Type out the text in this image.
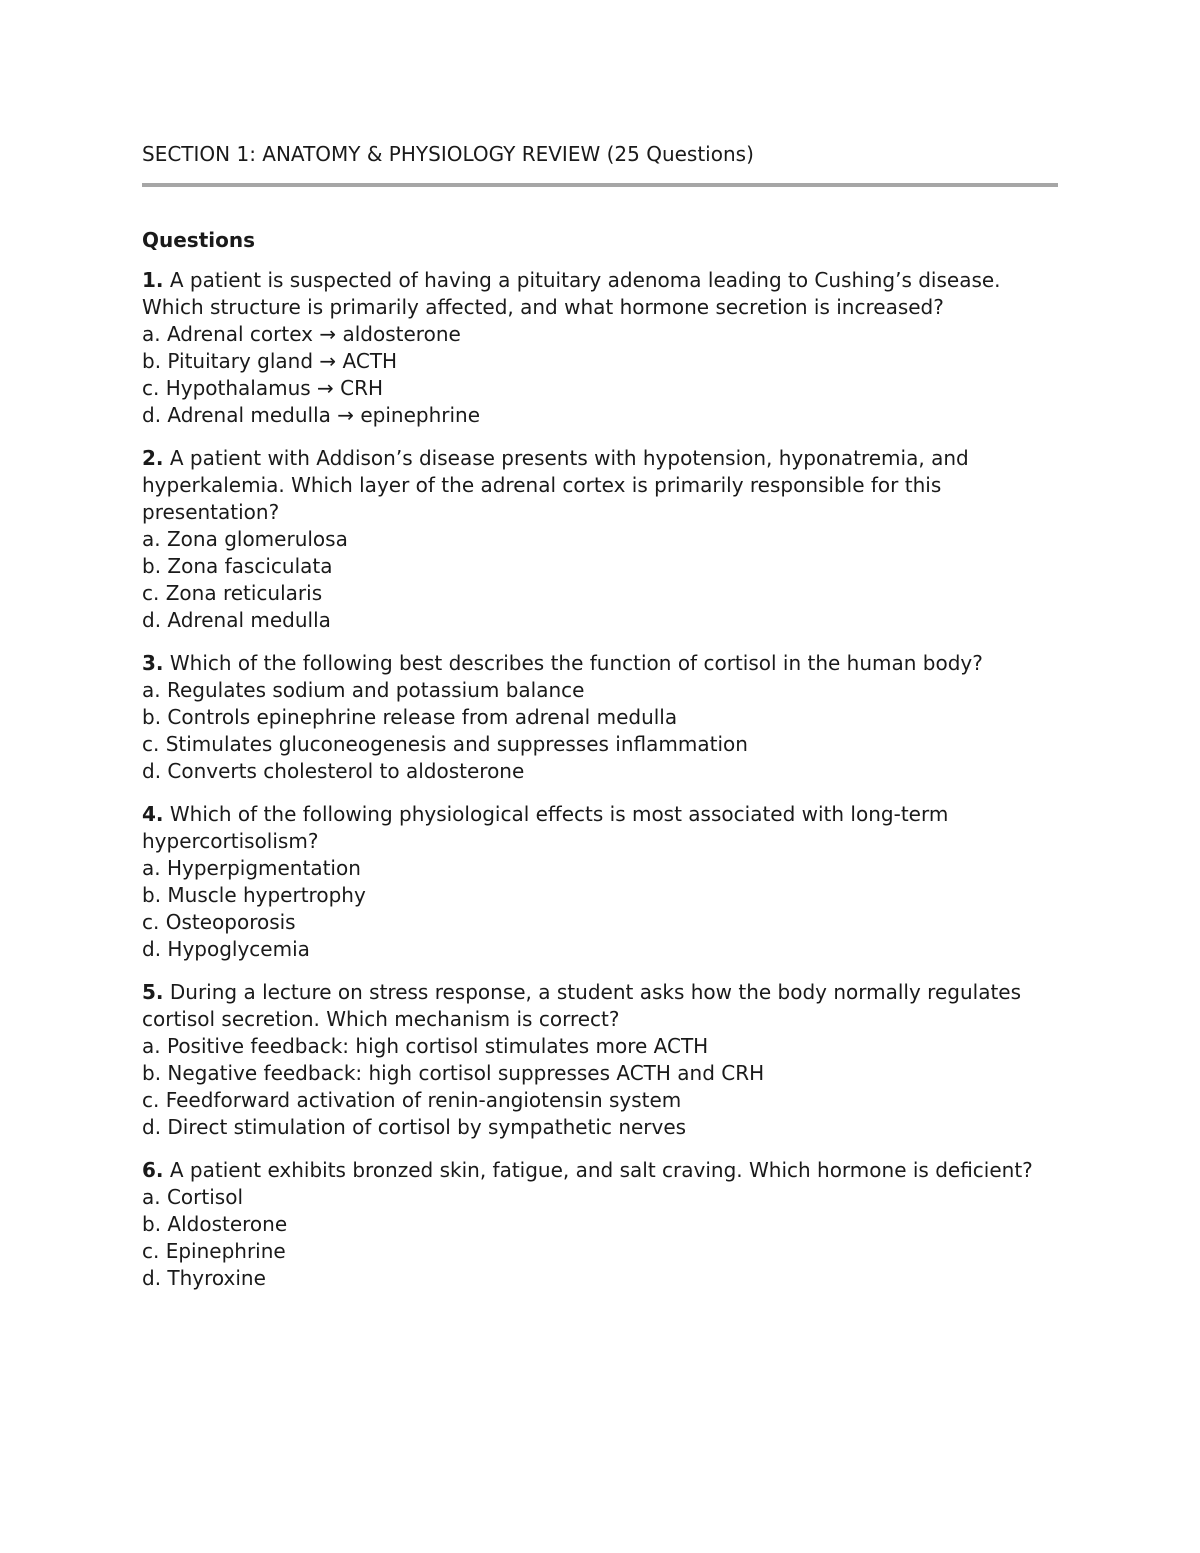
SECTION 1: ANATOMY & PHYSIOLOGY REVIEW (25 Questions)
Questions

1. A patient is suspected of having a pituitary adenoma leading to Cushing’s disease. Which structure is primarily affected, and what hormone secretion is increased?

a. Adrenal cortex → aldosterone

b. Pituitary gland → ACTH

c. Hypothalamus → CRH

d. Adrenal medulla → epinephrine

2. A patient with Addison’s disease presents with hypotension, hyponatremia, and hyperkalemia. Which layer of the adrenal cortex is primarily responsible for this presentation?

a. Zona glomerulosa

b. Zona fasciculata

c. Zona reticularis

d. Adrenal medulla

3. Which of the following best describes the function of cortisol in the human body?

a. Regulates sodium and potassium balance

b. Controls epinephrine release from adrenal medulla

c. Stimulates gluconeogenesis and suppresses inflammation

d. Converts cholesterol to aldosterone

4. Which of the following physiological effects is most associated with long-term hypercortisolism?

a. Hyperpigmentation

b. Muscle hypertrophy

c. Osteoporosis

d. Hypoglycemia

5. During a lecture on stress response, a student asks how the body normally regulates cortisol secretion. Which mechanism is correct?

a. Positive feedback: high cortisol stimulates more ACTH

b. Negative feedback: high cortisol suppresses ACTH and CRH

c. Feedforward activation of renin-angiotensin system

d. Direct stimulation of cortisol by sympathetic nerves

6. A patient exhibits bronzed skin, fatigue, and salt craving. Which hormone is deficient?

a. Cortisol

b. Aldosterone

c. Epinephrine

d. Thyroxine
